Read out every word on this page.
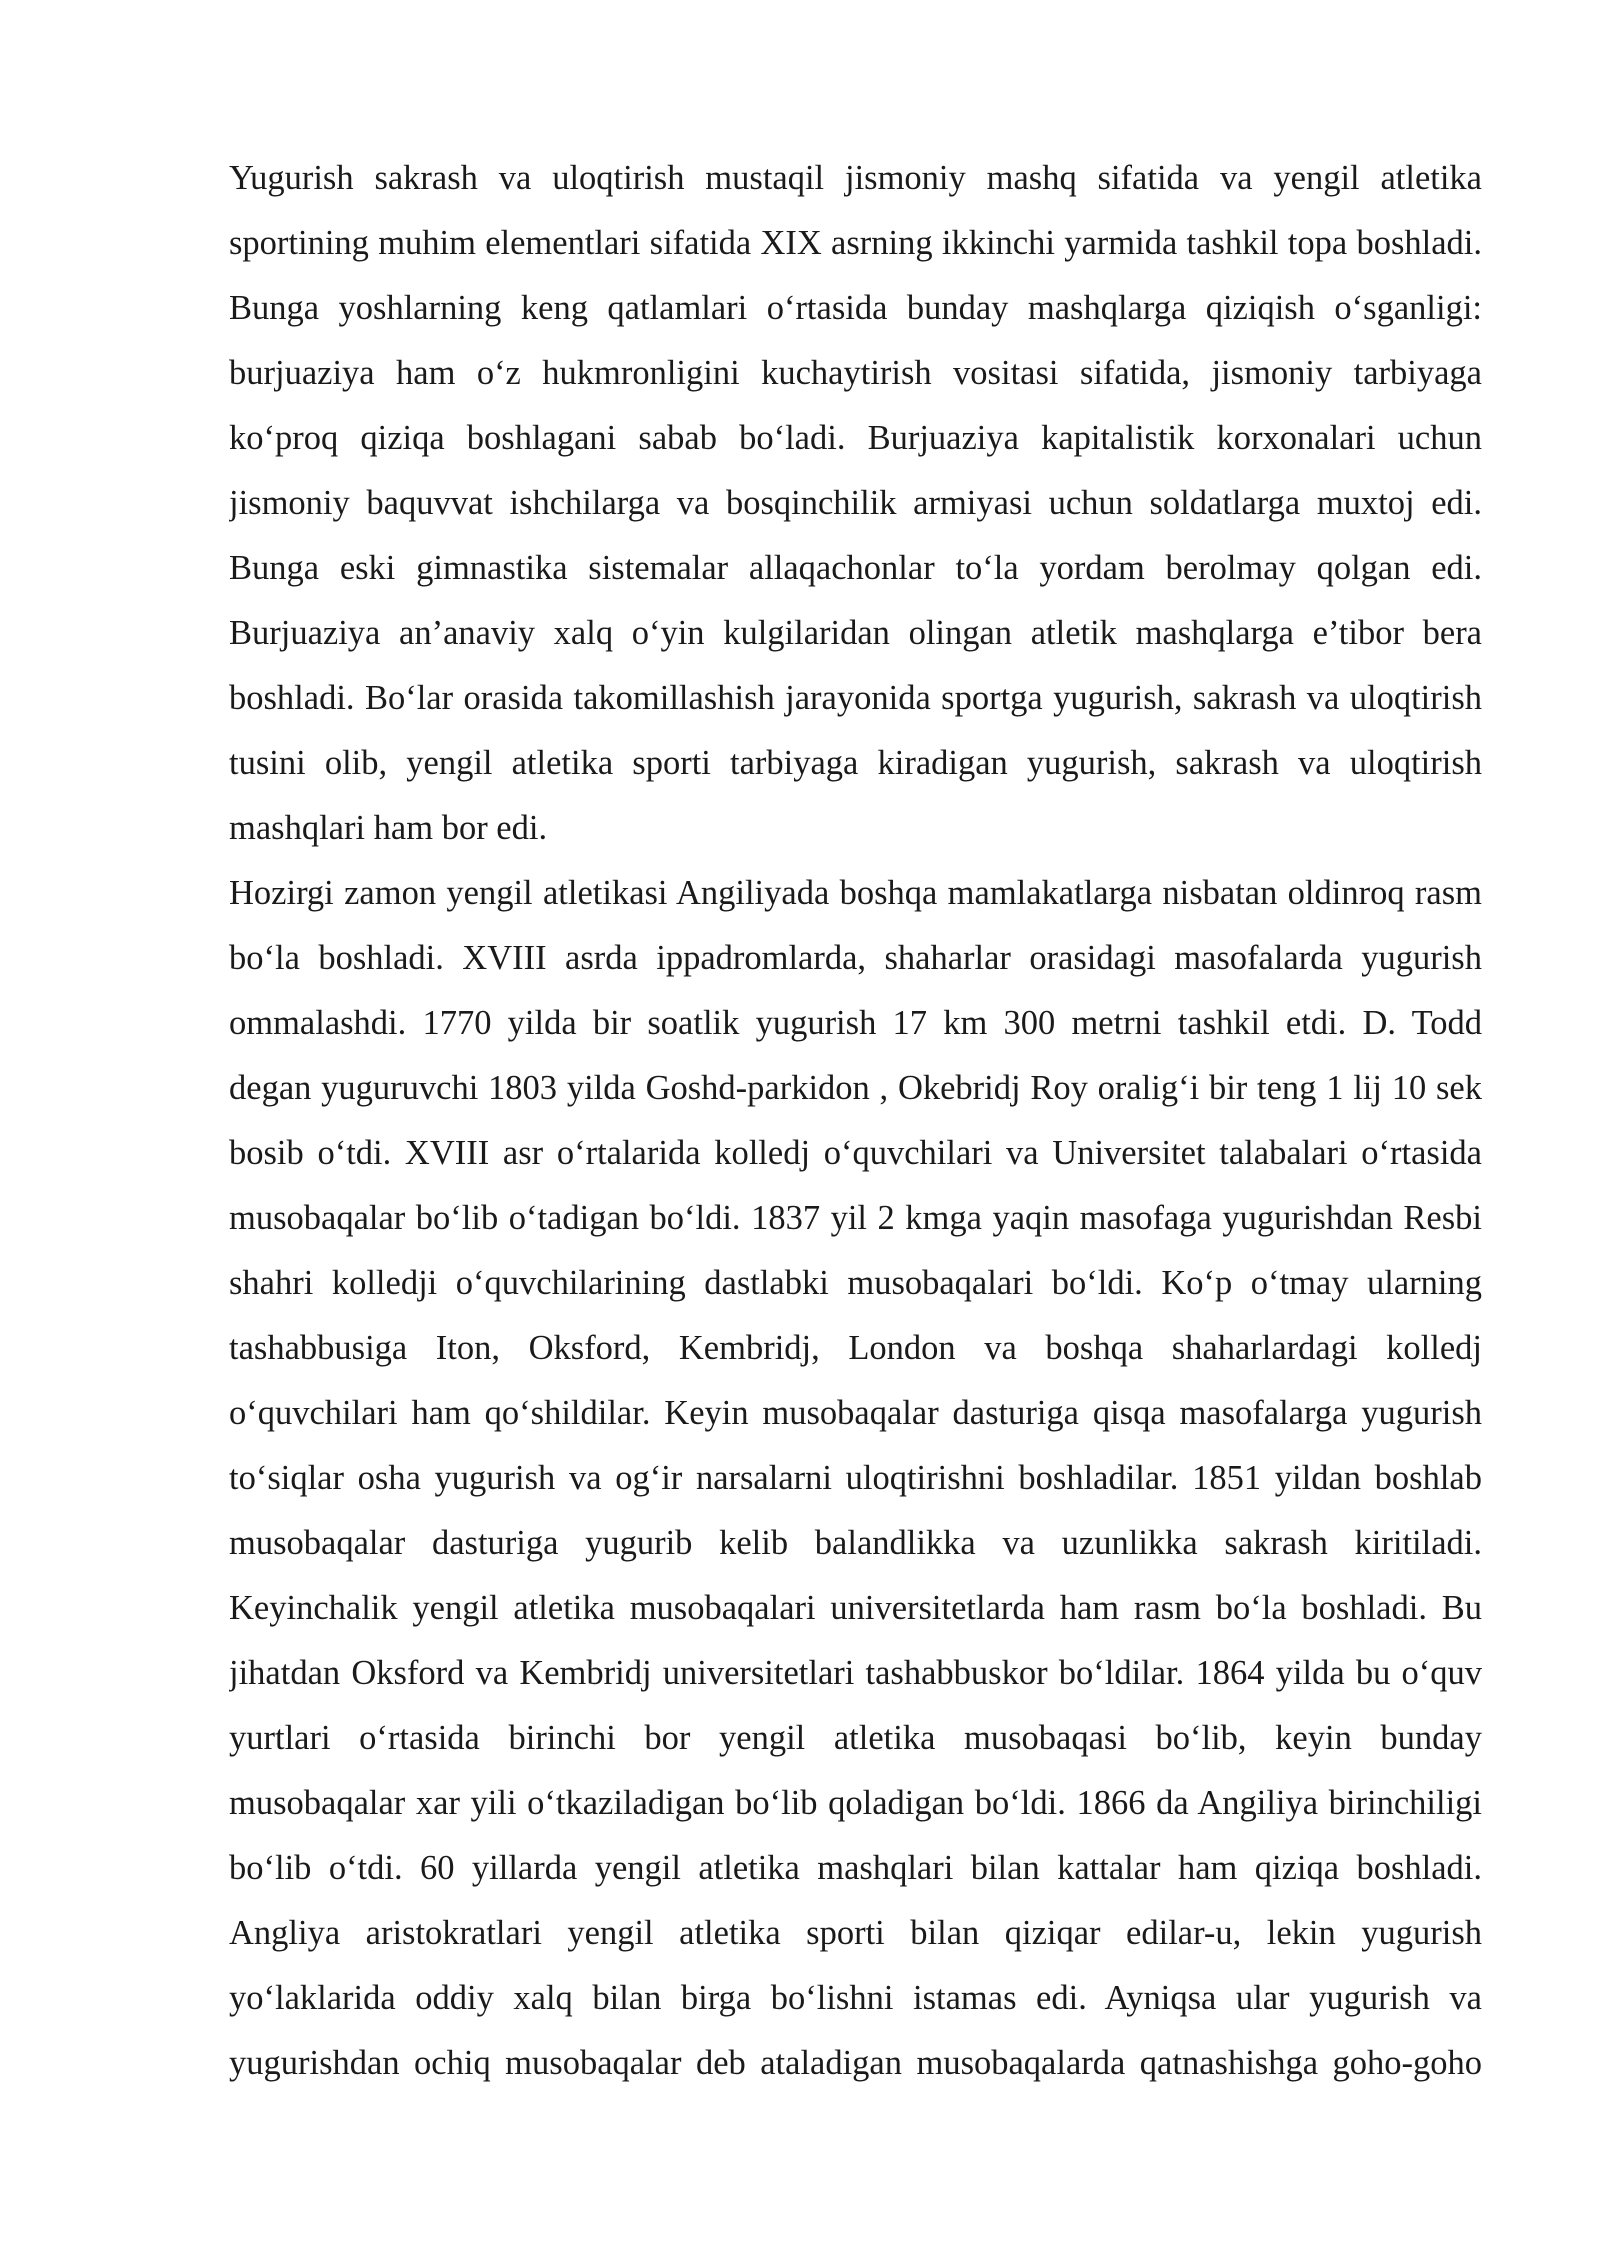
Yugurish sakrash va uloqtirish mustaqil jismoniy mashq sifatida va yengil atletika
sportining muhim elementlari sifatida XIX asrning ikkinchi yarmida tashkil topa boshladi.
Bunga yoshlarning keng qatlamlari o‘rtasida bunday mashqlarga qiziqish o‘sganligi:
burjuaziya ham o‘z hukmronligini kuchaytirish vositasi sifatida, jismoniy tarbiyaga
ko‘proq qiziqa boshlagani sabab bo‘ladi. Burjuaziya kapitalistik korxonalari uchun
jismoniy baquvvat ishchilarga va bosqinchilik armiyasi uchun soldatlarga muxtoj edi.
Bunga eski gimnastika sistemalar allaqachonlar to‘la yordam berolmay qolgan edi.
Burjuaziya an’anaviy xalq o‘yin kulgilaridan olingan atletik mashqlarga e’tibor bera
boshladi. Bo‘lar orasida takomillashish jarayonida sportga yugurish, sakrash va uloqtirish
tusini olib, yengil atletika sporti tarbiyaga kiradigan yugurish, sakrash va uloqtirish
mashqlari ham bor edi.
Hozirgi zamon yengil atletikasi Angiliyada boshqa mamlakatlarga nisbatan oldinroq rasm
bo‘la boshladi. XVIII asrda ippadromlarda, shaharlar orasidagi masofalarda yugurish
ommalashdi. 1770 yilda bir soatlik yugurish 17 km 300 metrni tashkil etdi. D. Todd
degan yuguruvchi 1803 yilda Goshd-parkidon , Okebridj Roy oralig‘i bir teng 1 lij 10 sek
bosib o‘tdi. XVIII asr o‘rtalarida kolledj o‘quvchilari va Universitet talabalari o‘rtasida
musobaqalar bo‘lib o‘tadigan bo‘ldi. 1837 yil 2 kmga yaqin masofaga yugurishdan Resbi
shahri kolledji o‘quvchilarining dastlabki musobaqalari bo‘ldi. Ko‘p o‘tmay ularning
tashabbusiga Iton, Oksford, Kembridj, London va boshqa shaharlardagi kolledj
o‘quvchilari ham qo‘shildilar. Keyin musobaqalar dasturiga qisqa masofalarga yugurish
to‘siqlar osha yugurish va og‘ir narsalarni uloqtirishni boshladilar. 1851 yildan boshlab
musobaqalar dasturiga yugurib kelib balandlikka va uzunlikka sakrash kiritiladi.
Keyinchalik yengil atletika musobaqalari universitetlarda ham rasm bo‘la boshladi. Bu
jihatdan Oksford va Kembridj universitetlari tashabbuskor bo‘ldilar. 1864 yilda bu o‘quv
yurtlari o‘rtasida birinchi bor yengil atletika musobaqasi bo‘lib, keyin bunday
musobaqalar xar yili o‘tkaziladigan bo‘lib qoladigan bo‘ldi. 1866 da Angiliya birinchiligi
bo‘lib o‘tdi. 60 yillarda yengil atletika mashqlari bilan kattalar ham qiziqa boshladi.
Angliya aristokratlari yengil atletika sporti bilan qiziqar edilar-u, lekin yugurish
yo‘laklarida oddiy xalq bilan birga bo‘lishni istamas edi. Ayniqsa ular yugurish va
yugurishdan ochiq musobaqalar deb ataladigan musobaqalarda qatnashishga goho-goho
